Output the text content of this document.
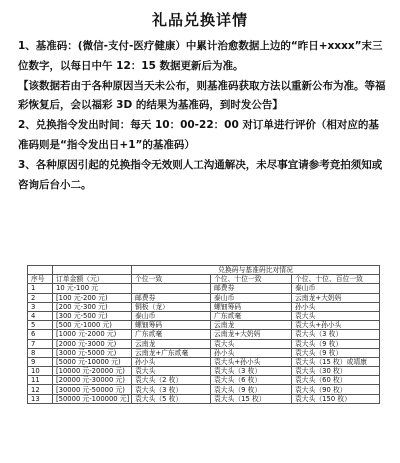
礼品兑换详情

1、基准码：(微信-支付-医疗健康）中累计治愈数据上边的“昨日+xxxx”末三位数字，以每日中午 12：15 数据更新后为准。

【该数据若由于各种原因当天未公布，则基准码获取方法以重新公布为准。等福彩恢复后，会以福彩 3D 的结果为基准码，到时发公告】

2、兑换指令发出时间：每天 10：00-22：00 对订单进行评价（相对应的基准码则是“指令发出日+1”的基准码）

3、各种原因引起的兑换指令无效则人工沟通解决，未尽事宜请参考竞拍须知或咨询后台小二。

		兑换码与基准码比对情况		
序号	订单金额（元）	个位一致	个位、十位一致	个位、十位、百位一致
1	10 元-100 元		邮费券	泰山币
2	[100 元-200 元)	邮费券	泰山币	云南龙+大奶妈
3	[200 元-300 元)	铜板（龙）	螺钿筹码	孙小头
4	[300 元-500 元)	泰山币	广东贰毫	袁大头
5	[500 元-1000 元)	螺钿筹码	云南龙	袁大头+孙小头
6	[1000 元-2000 元)	广东贰毫	云南龙+大奶妈	袁大头（3 枚）
7	[2000 元-3000 元)	云南龙	袁大头	袁大头（9 枚）
8	[3000 元-5000 元)	云南龙+广东贰毫	孙小头	袁大头（9 枚）
9	[5000 元-10000 元)	孙小头	袁大头+孙小头	袁大头（15 枚）或靖康
10	[10000 元-20000 元)	袁大头	袁大头（3 枚）	袁大头（30 枚）
11	[20000 元-30000 元)	袁大头（2 枚）	袁大头（6 枚）	袁大头（60 枚）
12	[30000 元-50000 元)	袁大头（3 枚）	袁大头（9 枚）	袁大头（90 枚）
13	[50000 元-100000 元]	袁大头（5 枚）	袁大头（15 枚）	袁大头（150 枚）
